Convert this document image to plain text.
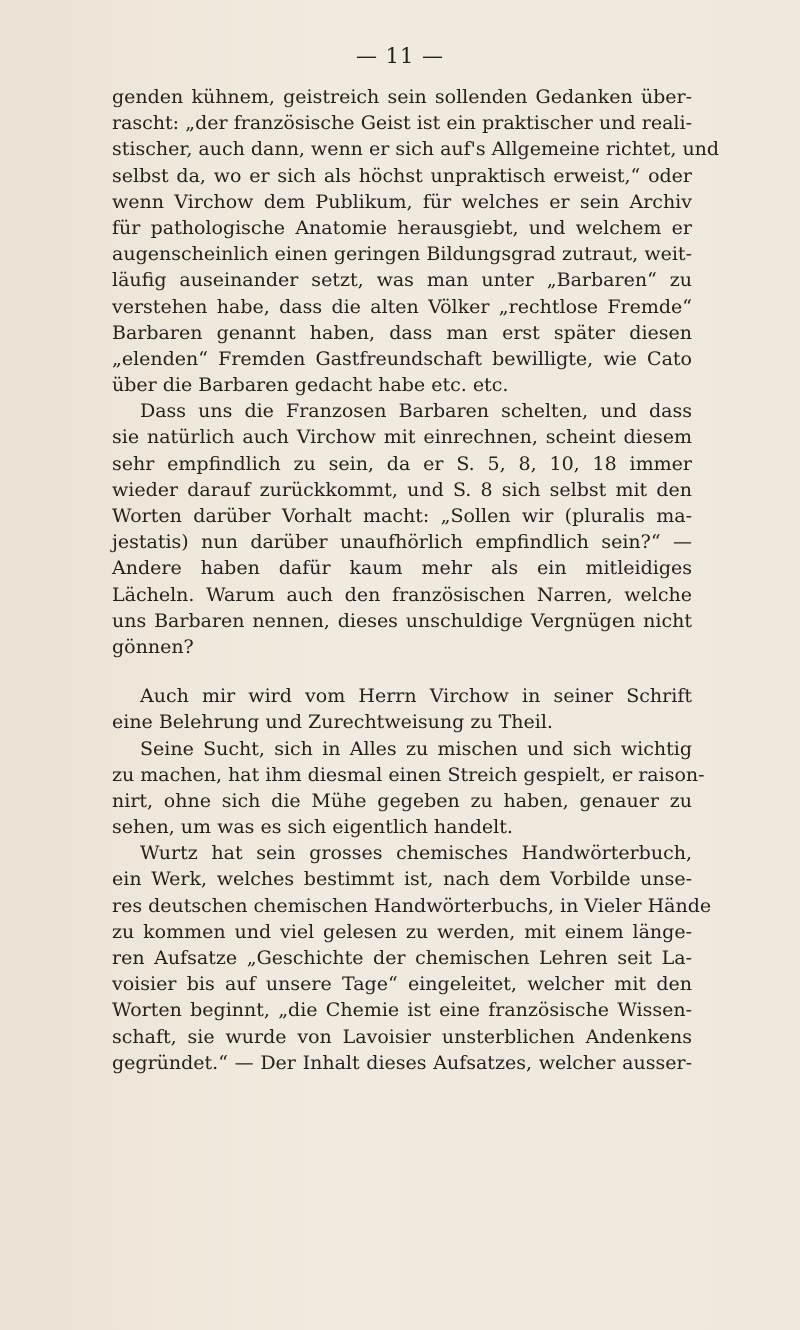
— 11 —
genden kühnem, geistreich sein sollenden Gedanken über-
rascht: „der französische Geist ist ein praktischer und reali-
stischer, auch dann, wenn er sich auf's Allgemeine richtet, und
selbst da, wo er sich als höchst unpraktisch erweist,“ oder
wenn Virchow dem Publikum, für welches er sein Archiv
für pathologische Anatomie herausgiebt, und welchem er
augenscheinlich einen geringen Bildungsgrad zutraut, weit-
läufig auseinander setzt, was man unter „Barbaren“ zu
verstehen habe, dass die alten Völker „rechtlose Fremde“
Barbaren genannt haben, dass man erst später diesen
„elenden“ Fremden Gastfreundschaft bewilligte, wie Cato
über die Barbaren gedacht habe etc. etc.
Dass uns die Franzosen Barbaren schelten, und dass
sie natürlich auch Virchow mit einrechnen, scheint diesem
sehr empfindlich zu sein, da er S. 5, 8, 10, 18 immer
wieder darauf zurückkommt, und S. 8 sich selbst mit den
Worten darüber Vorhalt macht: „Sollen wir (pluralis ma-
jestatis) nun darüber unaufhörlich empfindlich sein?“ —
Andere haben dafür kaum mehr als ein mitleidiges
Lächeln. Warum auch den französischen Narren, welche
uns Barbaren nennen, dieses unschuldige Vergnügen nicht
gönnen?
Auch mir wird vom Herrn Virchow in seiner Schrift
eine Belehrung und Zurechtweisung zu Theil.
Seine Sucht, sich in Alles zu mischen und sich wichtig
zu machen, hat ihm diesmal einen Streich gespielt, er raison-
nirt, ohne sich die Mühe gegeben zu haben, genauer zu
sehen, um was es sich eigentlich handelt.
Wurtz hat sein grosses chemisches Handwörterbuch,
ein Werk, welches bestimmt ist, nach dem Vorbilde unse-
res deutschen chemischen Handwörterbuchs, in Vieler Hände
zu kommen und viel gelesen zu werden, mit einem länge-
ren Aufsatze „Geschichte der chemischen Lehren seit La-
voisier bis auf unsere Tage“ eingeleitet, welcher mit den
Worten beginnt, „die Chemie ist eine französische Wissen-
schaft, sie wurde von Lavoisier unsterblichen Andenkens
gegründet.“ — Der Inhalt dieses Aufsatzes, welcher ausser-
